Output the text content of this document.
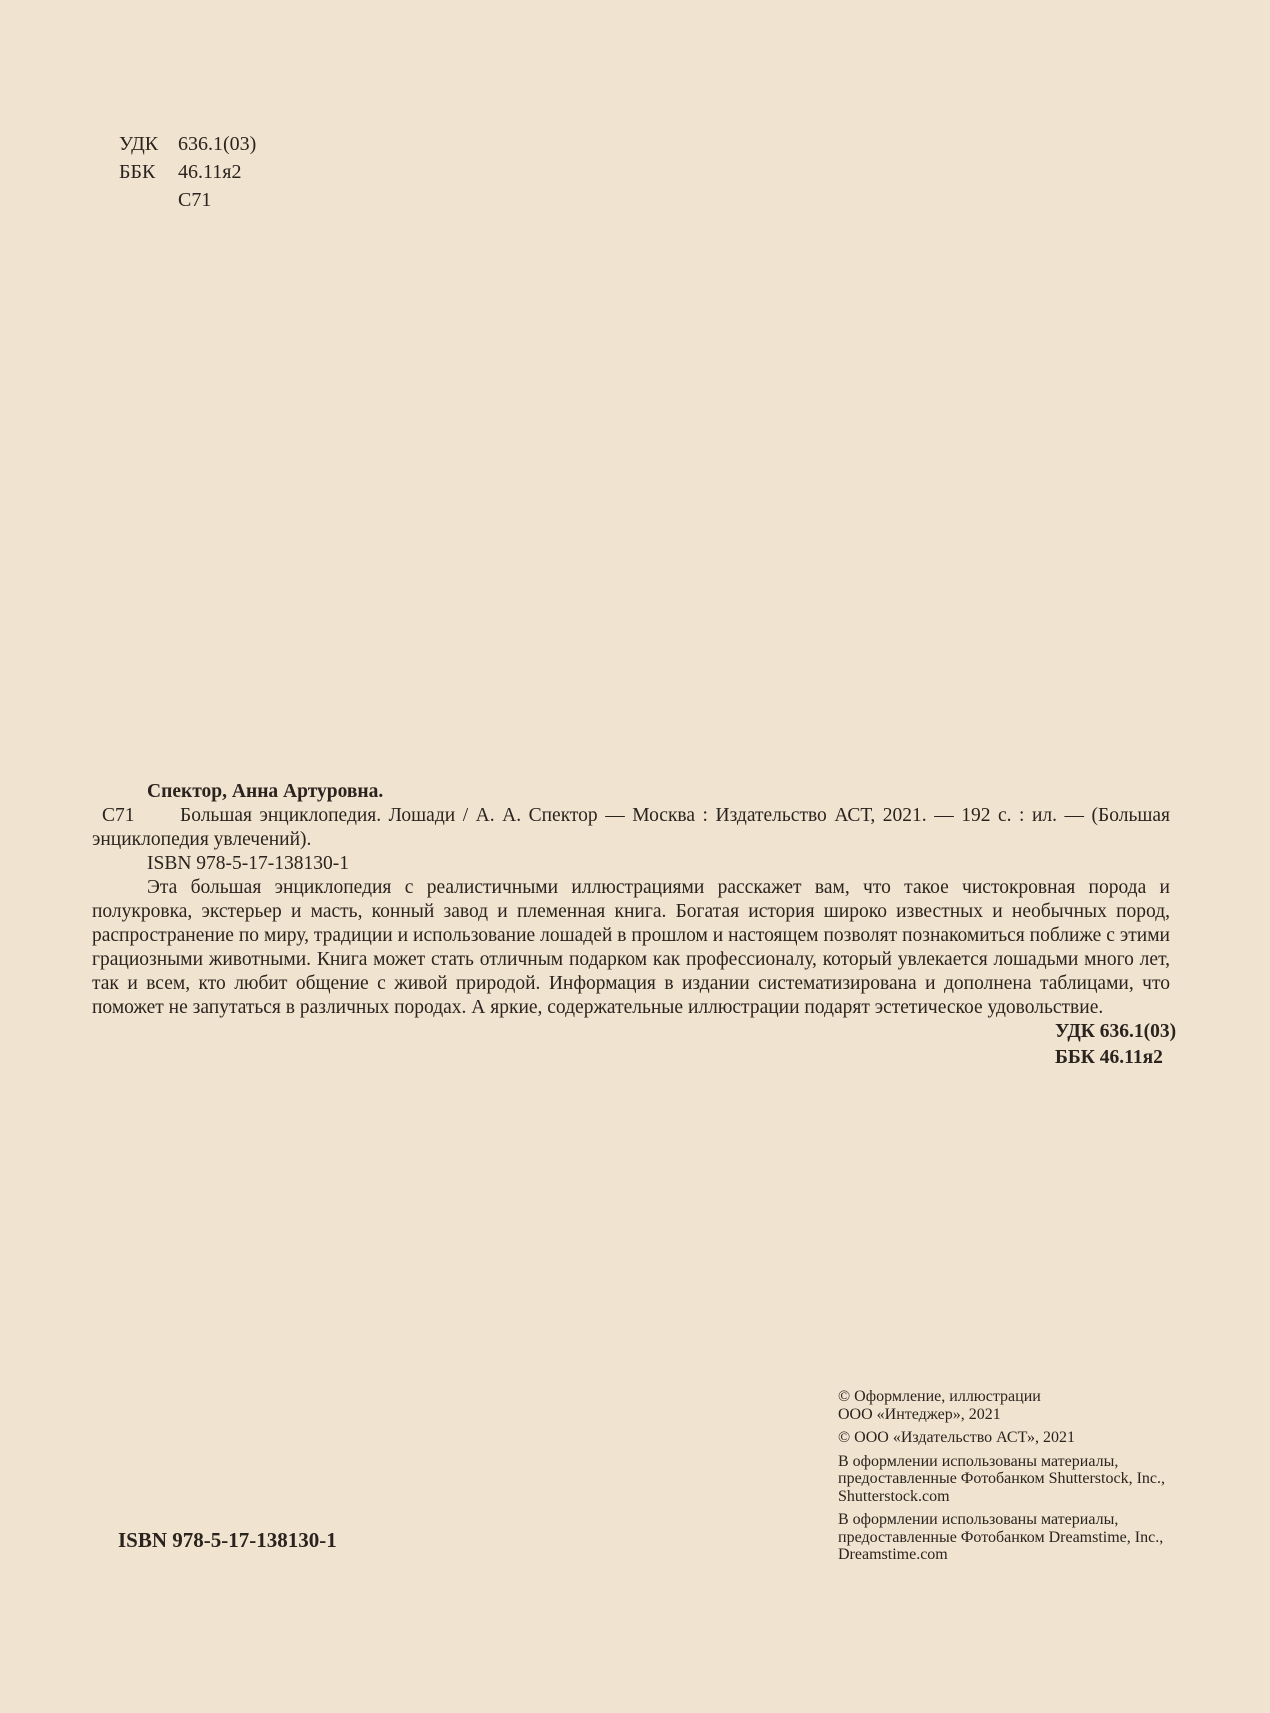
УДК 636.1(03)
ББК 46.11я2
С71
С71
Спектор, Анна Артуровна.
Большая энциклопедия. Лошади / А. А. Спектор — Москва : Издательство АСТ, 2021. — 192 с. : ил. — (Большая энциклопедия увлечений).
ISBN 978-5-17-138130-1
Эта большая энциклопедия с реалистичными иллюстрациями расскажет вам, что такое чистокровная порода и полукровка, экстерьер и масть, конный завод и племенная книга. Богатая история широко известных и необычных пород, распространение по миру, традиции и использование лошадей в прошлом и настоящем позволят познакомиться поближе с этими грациозными животными. Книга может стать отличным подарком как профессионалу, который увлекается лошадьми много лет, так и всем, кто любит общение с живой природой. Информация в издании систематизирована и дополнена таблицами, что поможет не запутаться в различных породах. А яркие, содержательные иллюстрации подарят эстетическое удовольствие.
УДК 636.1(03)
ББК 46.11я2
© Оформление, иллюстрации
ООО «Интеджер», 2021
© ООО «Издательство АСТ», 2021
В оформлении использованы материалы,
предоставленные Фотобанком Shutterstock, Inc.,
Shutterstock.com
В оформлении использованы материалы,
предоставленные Фотобанком Dreamstime, Inc.,
Dreamstime.com
ISBN 978-5-17-138130-1
